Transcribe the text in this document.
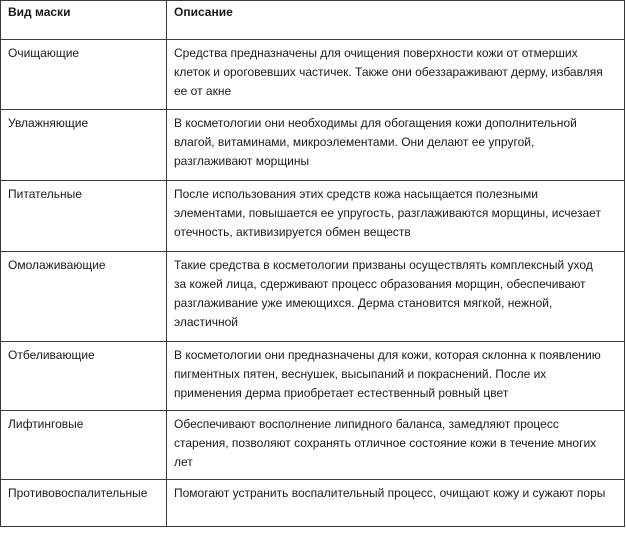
Вид маски	Описание
Очищающие	Средства предназначены для очищения поверхности кожи от отмерших клеток и ороговевших частичек. Также они обеззараживают дерму, избавляя ее от акне
Увлажняющие	В косметологии они необходимы для обогащения кожи дополнительной влагой, витаминами, микроэлементами. Они делают ее упругой, разглаживают морщины
Питательные	После использования этих средств кожа насыщается полезными элементами, повышается ее упругость, разглаживаются морщины, исчезает отечность, активизируется обмен веществ
Омолаживающие	Такие средства в косметологии призваны осуществлять комплексный уход за кожей лица, сдерживают процесс образования морщин, обеспечивают разглаживание уже имеющихся. Дерма становится мягкой, нежной, эластичной
Отбеливающие	В косметологии они предназначены для кожи, которая склонна к появлению пигментных пятен, веснушек, высыпаний и покраснений. После их применения дерма приобретает естественный ровный цвет
Лифтинговые	Обеспечивают восполнение липидного баланса, замедляют процесс старения, позволяют сохранять отличное состояние кожи в течение многих лет
Противовоспалительные	Помогают устранить воспалительный процесс, очищают кожу и сужают поры
